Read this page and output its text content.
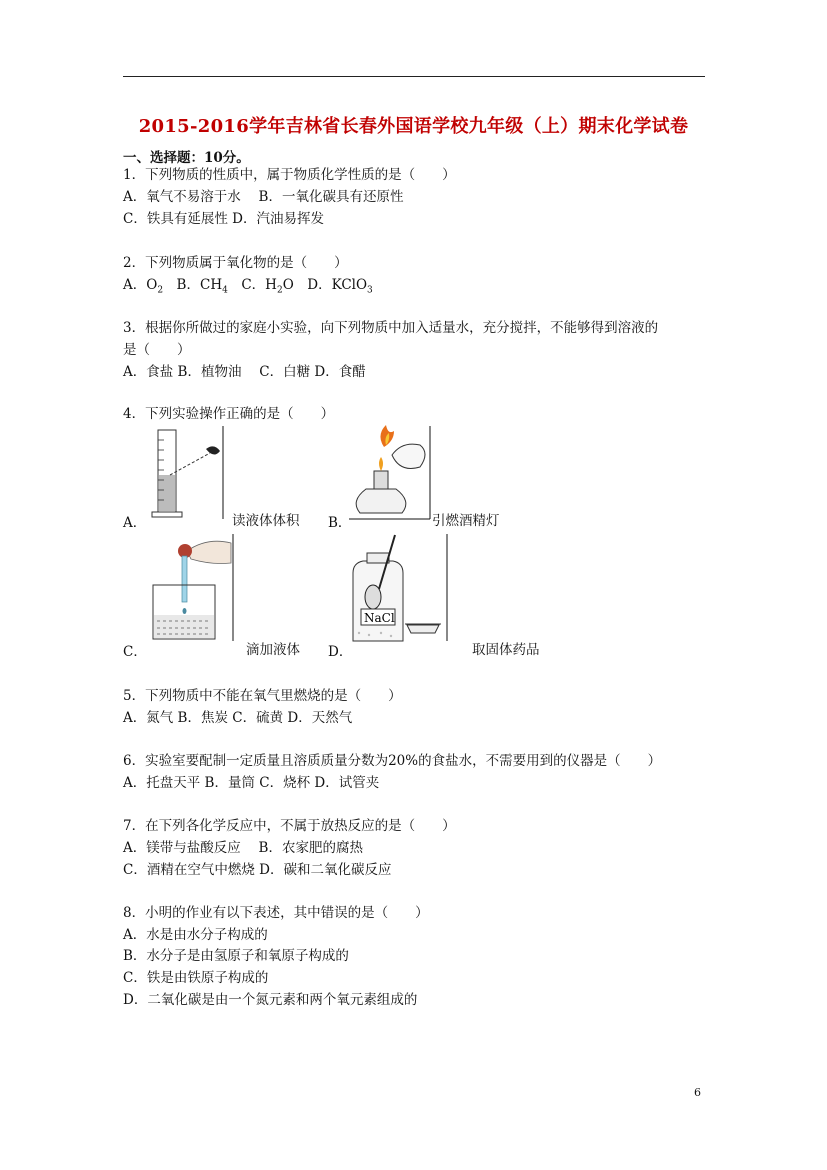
2015-2016学年吉林省长春外国语学校九年级（上）期末化学试卷
一、选择题：10分。
1．下列物质的性质中，属于物质化学性质的是（　　）
A．氧气不易溶于水　 B．一氧化碳具有还原性
C．铁具有延展性 D．汽油易挥发
2．下列物质属于氧化物的是（　　）
A．$O_2$　B．$CH_4$　C．$H_2O$　D．KClO$_3$
3．根据你所做过的家庭小实验，向下列物质中加入适量水，充分搅拌，不能够得到溶液的
是（　　）
A．食盐 B．植物油　 C．白糖 D．食醋
4．下列实验操作正确的是（　　）
A．	读液体体积 B．	引燃酒精灯
C．	滴加液体
NaCl
D．	取固体药品
5．下列物质中不能在氧气里燃烧的是（　　）
A．氮气 B．焦炭 C．硫黄 D．天然气
6．实验室要配制一定质量且溶质质量分数为20%的食盐水，不需要用到的仪器是（　　）
A．托盘天平 B．量筒 C．烧杯 D．试管夹
7．在下列各化学反应中，不属于放热反应的是（　　）
A．镁带与盐酸反应　 B．农家肥的腐热
C．酒精在空气中燃烧 D．碳和二氧化碳反应
8．小明的作业有以下表述，其中错误的是（　　）
A．水是由水分子构成的
B．水分子是由氢原子和氧原子构成的
C．铁是由铁原子构成的
D．二氧化碳是由一个氮元素和两个氧元素组成的
6
